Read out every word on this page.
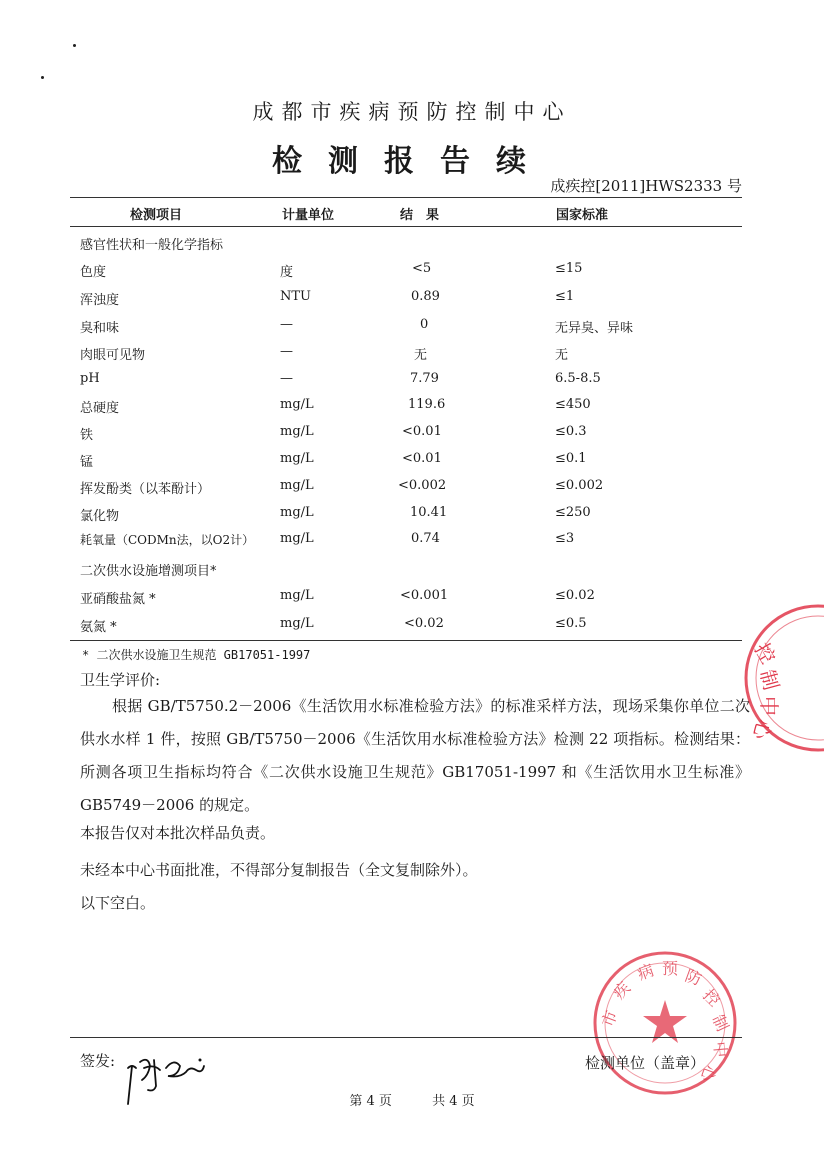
成都市疾病预防控制中心
检测报告续
成疾控[2011]HWS2333 号
检测项目	计量单位	结　果	国家标准
感官性状和一般化学指标
色度	度	<5	≤15
浑浊度	NTU	0.89	≤1
臭和味	—	0	无异臭、异味
肉眼可见物	—	无	无
pH	—	7.79	6.5-8.5
总硬度	mg/L	119.6	≤450
铁	mg/L	<0.01	≤0.3
锰	mg/L	<0.01	≤0.1
挥发酚类（以苯酚计）	mg/L	<0.002	≤0.002
氯化物	mg/L	10.41	≤250
耗氧量（CODMn法，以O2计） mg/L	0.74	≤3
二次供水设施增测项目*
亚硝酸盐氮 *	mg/L	<0.001	≤0.02
氨氮 *	mg/L	<0.02	≤0.5
* 二次供水设施卫生规范 GB17051-1997
卫生学评价:
根据 GB/T5750.2－2006《生活饮用水标准检验方法》的标准采样方法，现场采集你单位二次供水水样 1 件，按照 GB/T5750－2006《生活饮用水标准检验方法》检测 22 项指标。检测结果：所测各项卫生指标均符合《二次供水设施卫生规范》GB17051-1997 和《生活饮用水卫生标准》GB5749－2006 的规定。
本报告仅对本批次样品负责。
未经本中心书面批准，不得部分复制报告（全文复制除外）。
以下空白。
控
制
中
心
市
疾
病 预 防
控
制
中
心
签发:	检测单位（盖章）
第 4 页	共 4 页
